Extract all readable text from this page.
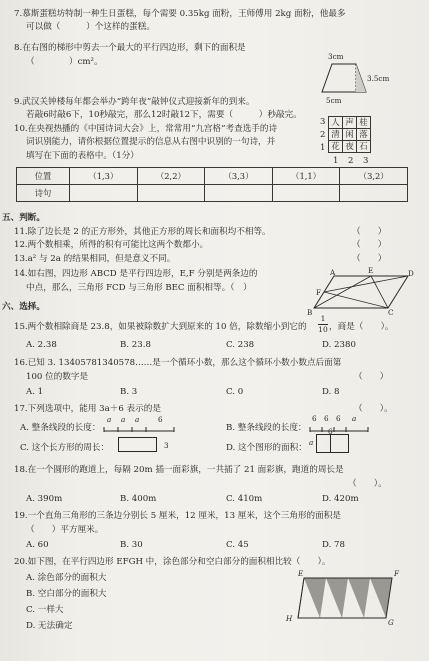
7.慕斯蛋糕坊特制一种生日蛋糕，每个需要 0.35kg 面粉，王师傅用 2kg 面粉，他最多
可以做（　　　）个这样的蛋糕。
8.在右图的梯形中剪去一个最大的平行四边形，剩下的面积是
（　　　　）cm²。
3cm
3.5cm
5cm
9.武汉关钟楼每年都会举办“跨年夜”敲钟仪式迎接新年的到来。
若敲6时敲6下，10秒敲完，那么12时敲12下，需要（　　　）秒敲完。
10.在央视热播的《中国诗词大会》上，常常用“九宫格”考查选手的诗
词识别能力，请你根据位置提示的信息从右图中识别的一句诗，并
填写在下面的表格中。（1分）
3
2
1
人	声	桂
清	闲	落
花	夜	石
1 2 3
位置	（1,3）	（2,2）	（3,3）	（1,1）	（3,2）
诗句					
五、判断。
11.除了边长是 2 的正方形外，其他正方形的周长和面积均不相等。	（　　）
12.两个数相乘，所得的积有可能比这两个数都小。	（　　）
13.a² 与 2a 的结果相同，但是意义不同。	（　　）
14.如右图，四边形 ABCD 是平行四边形，E,F 分别是两条边的
中点，那么，三角形 FCD 与三角形 BEC 面积相等。（　）
A	E	D
F
B	C
六、选择。
15.两个数相除商是 23.8，如果被除数扩大到原来的 10 倍，除数缩小到它的
1
10 ，商是（　　）。
A. 2.38	B. 23.8	C. 238	D. 2380
16.已知 3. 13405781340578……是一个循环小数，那么这个循环小数小数点后面第
100 位的数字是	（　　）
A. 1	B. 3	C. 0	D. 8
17.下列选项中，能用 3a＋6 表示的是	（　　）。
A. 整条线段的长度：
a a a	6
B. 整条线段的长度：
6 6 6 a
C. 这个长方形的周长：	3	D. 这个图形的面积：
a
6
18.在一个圆形的跑道上，每隔 20m 插一面彩旗，一共插了 21 面彩旗，跑道的周长是
（　　）。
A. 390m	B. 400m	C. 410m	D. 420m
19.一个直角三角形的三条边分别长 5 厘米，12 厘米，13 厘米，这个三角形的面积是
（　　）平方厘米。
A. 60	B. 30	C. 45	D. 78
20.如下图，在平行四边形 EFGH 中，涂色部分和空白部分的面积相比较（　　）。
A. 涂色部分的面积大
B. 空白部分的面积大
C. 一样大
D. 无法确定
E	F
G
H
